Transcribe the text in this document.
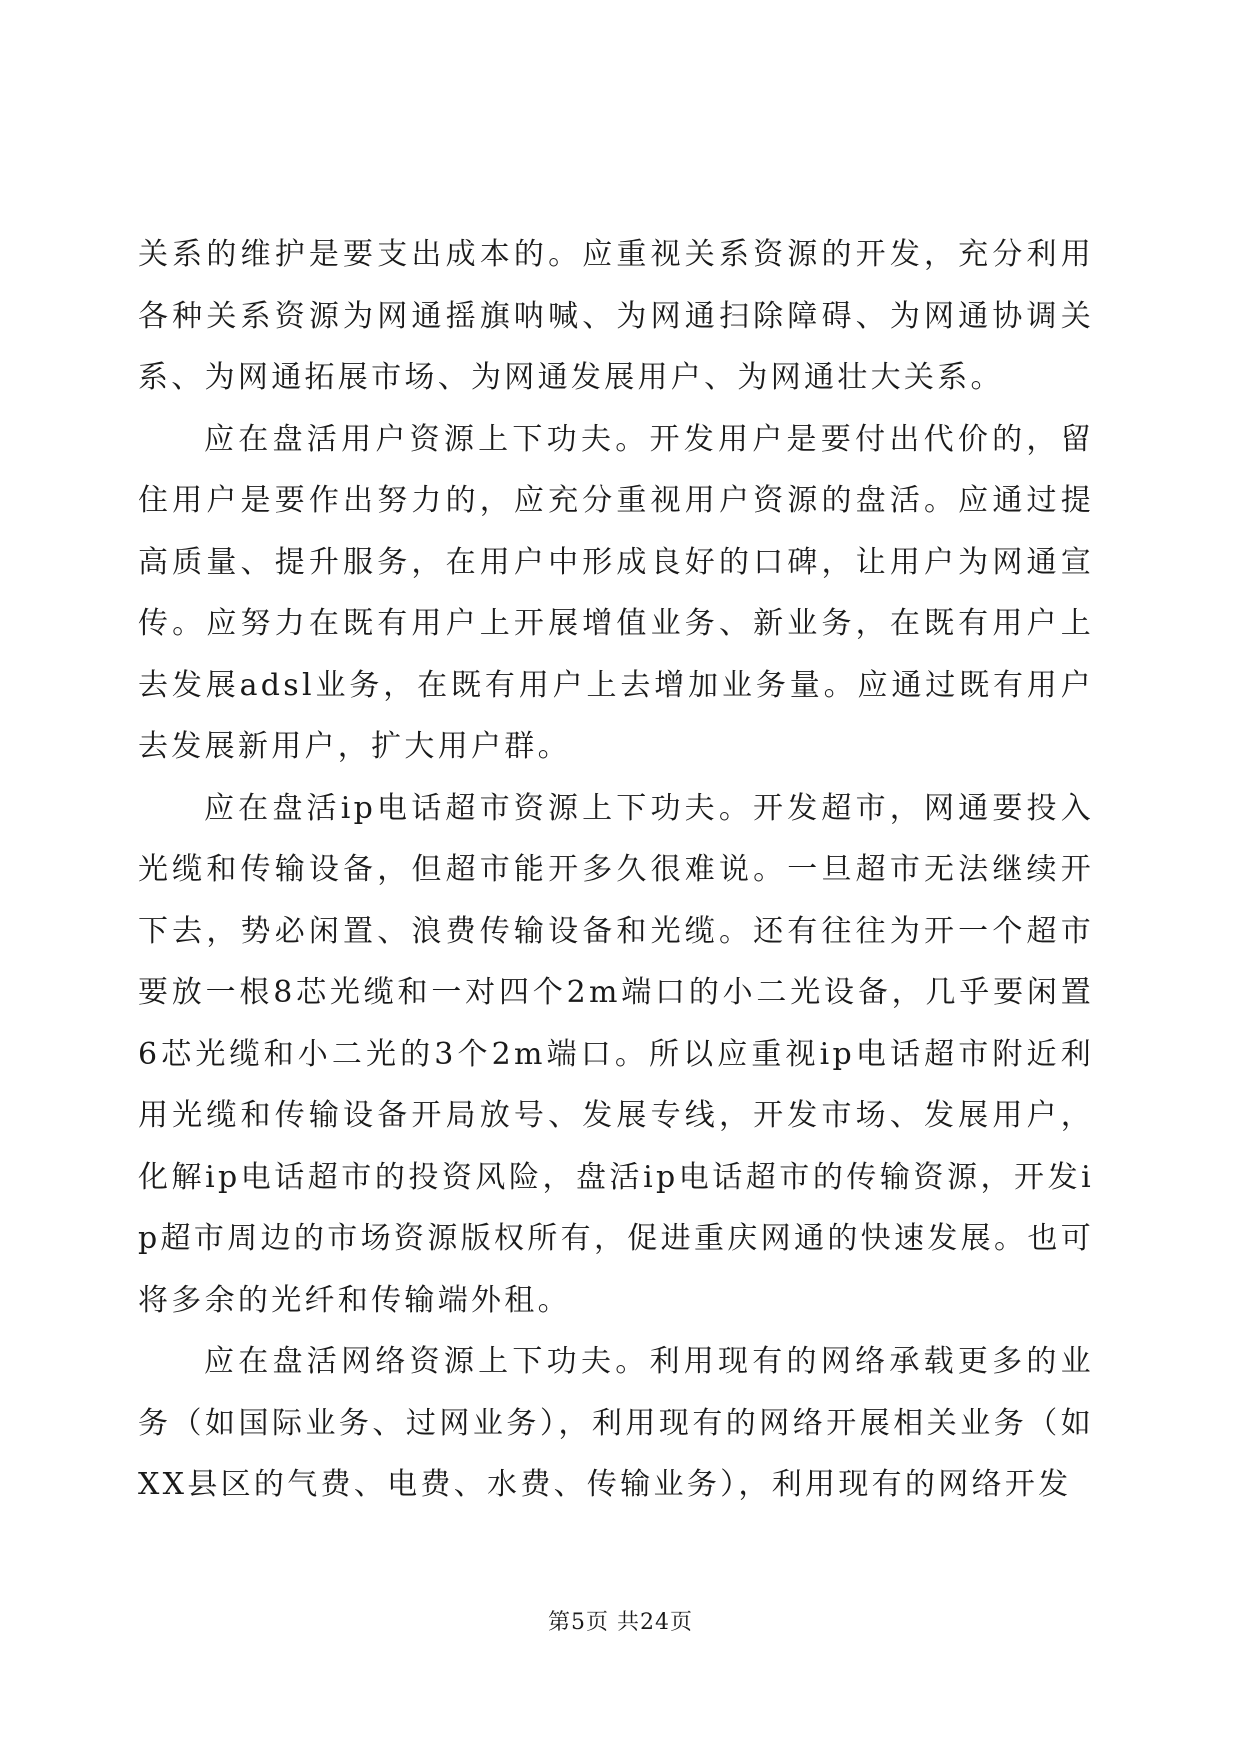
关系的维护是要支出成本的。应重视关系资源的开发，充分利用各种关系资源为网通摇旗呐喊、为网通扫除障碍、为网通协调关系、为网通拓展市场、为网通发展用户、为网通壮大关系。

应在盘活用户资源上下功夫。开发用户是要付出代价的，留住用户是要作出努力的，应充分重视用户资源的盘活。应通过提高质量、提升服务，在用户中形成良好的口碑，让用户为网通宣传。应努力在既有用户上开展增值业务、新业务，在既有用户上去发展adsl业务，在既有用户上去增加业务量。应通过既有用户去发展新用户，扩大用户群。

应在盘活ip电话超市资源上下功夫。开发超市，网通要投入光缆和传输设备，但超市能开多久很难说。一旦超市无法继续开下去，势必闲置、浪费传输设备和光缆。还有往往为开一个超市要放一根8芯光缆和一对四个2m端口的小二光设备，几乎要闲置6芯光缆和小二光的3个2m端口。所以应重视ip电话超市附近利用光缆和传输设备开局放号、发展专线，开发市场、发展用户，化解ip电话超市的投资风险，盘活ip电话超市的传输资源，开发ip超市周边的市场资源版权所有，促进重庆网通的快速发展。也可将多余的光纤和传输端外租。

应在盘活网络资源上下功夫。利用现有的网络承载更多的业务（如国际业务、过网业务），利用现有的网络开展相关业务（如XX县区的气费、电费、水费、传输业务），利用现有的网络开发

第5页 共24页
